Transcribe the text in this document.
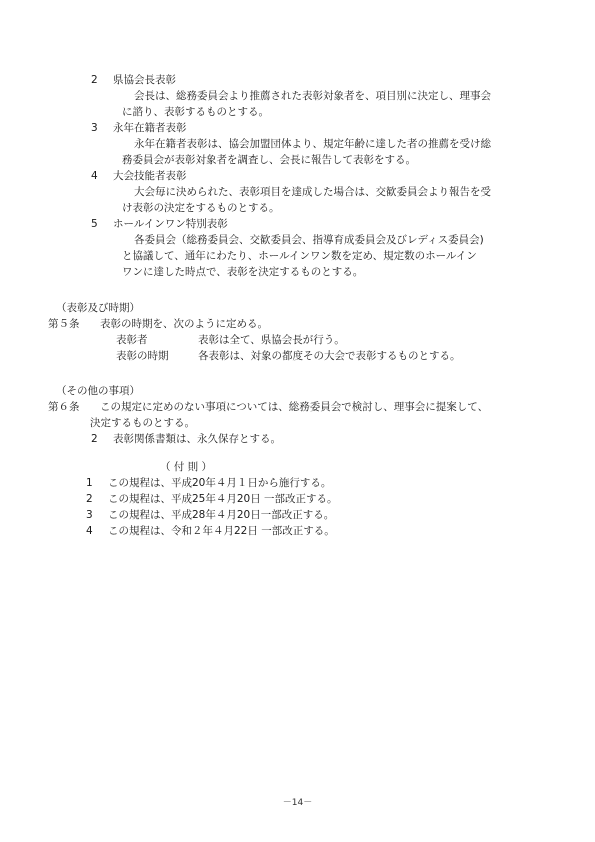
2 県協会長表彰
会長は、総務委員会より推薦された表彰対象者を、項目別に決定し、理事会
に諮り、表彰するものとする。
3 永年在籍者表彰
永年在籍者表彰は、協会加盟団体より、規定年齢に達した者の推薦を受け総
務委員会が表彰対象者を調査し、会長に報告して表彰をする。
4 大会技能者表彰
大会毎に決められた、表彰項目を達成した場合は、交歓委員会より報告を受
け表彰の決定をするものとする。
5 ホールインワン特別表彰
各委員会（総務委員会、交歓委員会、指導育成委員会及びレディス委員会)
と協議して、通年にわたり、ホールインワン数を定め、規定数のホールイン
ワンに達した時点で、表彰を決定するものとする。
（表彰及び時期）
第５条 表彰の時期を、次のように定める。
表彰者	表彰は全て、県協会長が行う。
表彰の時期	各表彰は、対象の都度その大会で表彰するものとする。
（その他の事項）
第６条 この規定に定めのない事項については、総務委員会で検討し、理事会に提案して、
決定するものとする。
2 表彰関係書類は、永久保存とする。
（ 付 則 ）
1 この規程は、平成20年４月１日から施行する。
2 この規程は、平成25年４月20日 一部改正する。
3 この規程は、平成28年４月20日一部改正する。
4 この規程は、令和２年４月22日 一部改正する。
－14－
